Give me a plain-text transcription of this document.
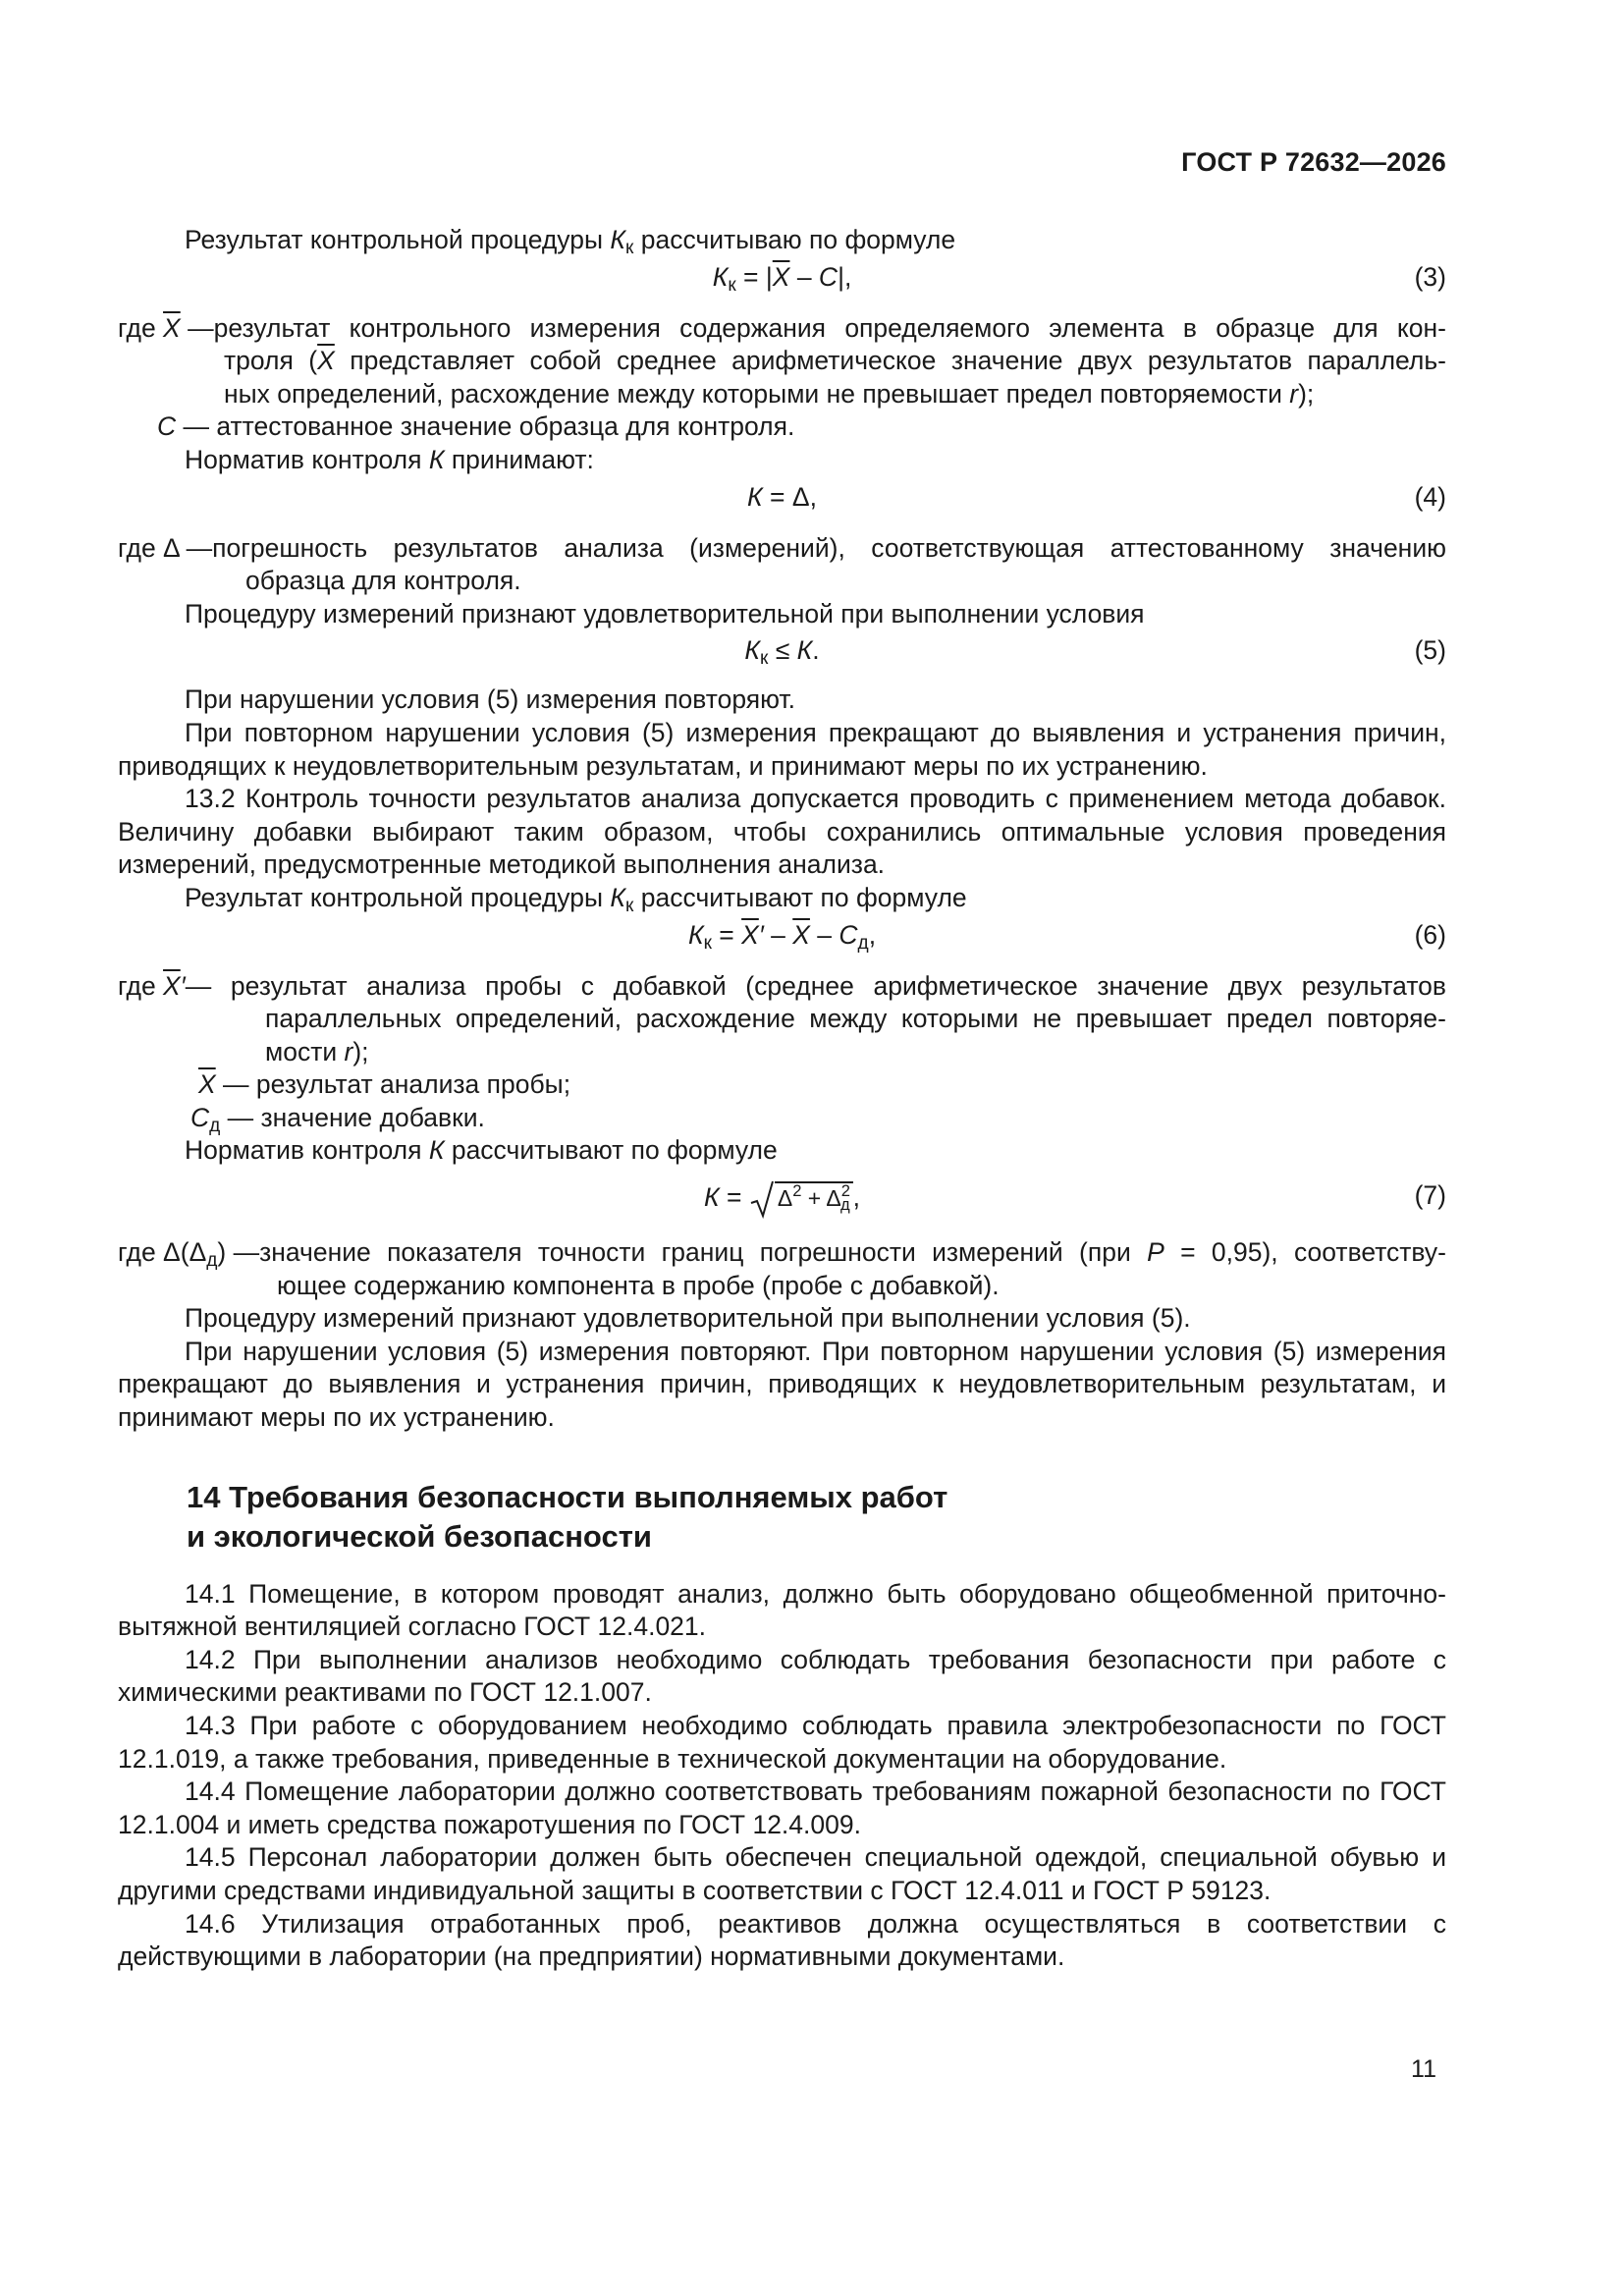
ГОСТ Р 72632—2026

Результат контрольной процедуры $К_к$ рассчитываю по формуле

$К_к = |\overline{X} - С|$,	(3)
где $\overline{X}$ — результат контрольного измерения содержания определяемого элемента в образце для кон-

троля ($\overline{X}$ представляет собой среднее арифметическое значение двух результатов параллель-

ных определений, расхождение между которыми не превышает предел повторяемости r);

С — аттестованное значение образца для контроля.

Норматив контроля К принимают:

К = Δ,	(4)
где Δ — погрешность результатов анализа (измерений), соответствующая аттестованному значению

образца для контроля.

Процедуру измерений признают удовлетворительной при выполнении условия

$К_к \le К$.	(5)

При нарушении условия (5) измерения повторяют.

При повторном нарушении условия (5) измерения прекращают до выявления и устранения причин, приводящих к неудовлетворительным результатам, и принимают меры по их устранению.

13.2 Контроль точности результатов анализа допускается проводить с применением метода добавок. Величину добавки выбирают таким образом, чтобы сохранились оптимальные условия проведения измерений, предусмотренные методикой выполнения анализа.

Результат контрольной процедуры $К_к$ рассчитывают по формуле

$К_к = \overline{X}' - \overline{X} - С_д$,	(6)
где $\overline{X}'$ — результат анализа пробы с добавкой (среднее арифметическое значение двух результатов

параллельных определений, расхождение между которыми не превышает предел повторяе-

мости r);

$\overline{X}$ — результат анализа пробы;

$С_д$ — значение добавки.

Норматив контроля К рассчитывают по формуле

$К = \Delta^2 + \Delta^2_д$ ,	(7)
где $\Delta(\Delta_д)$ — значение показателя точности границ погрешности измерений (при Р = 0,95), соответству-

ющее содержанию компонента в пробе (пробе с добавкой).

Процедуру измерений признают удовлетворительной при выполнении условия (5).

При нарушении условия (5) измерения повторяют. При повторном нарушении условия (5) измерения прекращают до выявления и устранения причин, приводящих к неудовлетворительным результатам, и принимают меры по их устранению.

14 Требования безопасности выполняемых работ
и экологической безопасности

14.1 Помещение, в котором проводят анализ, должно быть оборудовано общеобменной приточно-вытяжной вентиляцией согласно ГОСТ 12.4.021.

14.2 При выполнении анализов необходимо соблюдать требования безопасности при работе с химическими реактивами по ГОСТ 12.1.007.

14.3 При работе с оборудованием необходимо соблюдать правила электробезопасности по ГОСТ 12.1.019, а также требования, приведенные в технической документации на оборудование.

14.4 Помещение лаборатории должно соответствовать требованиям пожарной безопасности по ГОСТ 12.1.004 и иметь средства пожаротушения по ГОСТ 12.4.009.

14.5 Персонал лаборатории должен быть обеспечен специальной одеждой, специальной обувью и другими средствами индивидуальной защиты в соответствии с ГОСТ 12.4.011 и ГОСТ Р 59123.

14.6 Утилизация отработанных проб, реактивов должна осуществляться в соответствии с действующими в лаборатории (на предприятии) нормативными документами.

11
